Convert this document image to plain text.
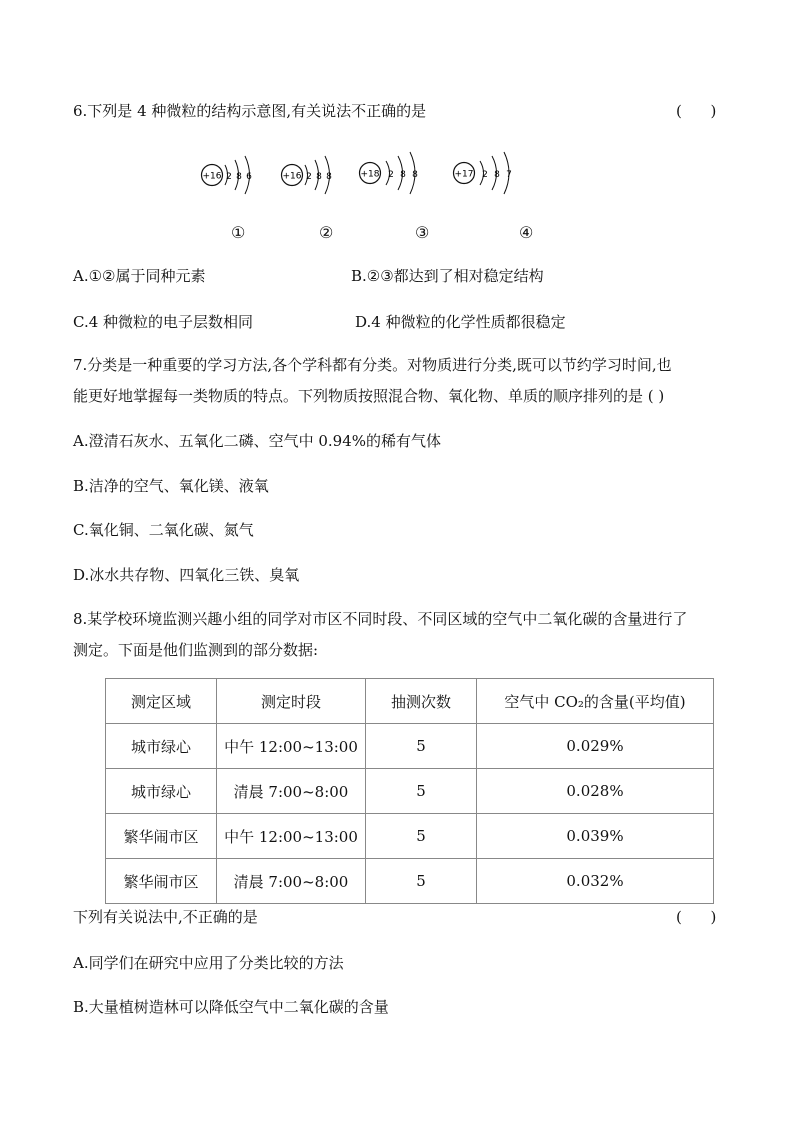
6.下列是 4 种微粒的结构示意图,有关说法不正确的是	(      )
+16 2 8 6	+16 2 8 8	+18 2 8 8	+17 2 8 7
①	②	③	④
A.①②属于同种元素	B.②③都达到了相对稳定结构
C.4 种微粒的电子层数相同	D.4 种微粒的化学性质都很稳定
7.分类是一种重要的学习方法,各个学科都有分类。对物质进行分类,既可以节约学习时间,也
能更好地掌握每一类物质的特点。下列物质按照混合物、氧化物、单质的顺序排列的是 ( )
A.澄清石灰水、五氧化二磷、空气中 0.94%的稀有气体
B.洁净的空气、氧化镁、液氧
C.氧化铜、二氧化碳、氮气
D.冰水共存物、四氧化三铁、臭氧
8.某学校环境监测兴趣小组的同学对市区不同时段、不同区域的空气中二氧化碳的含量进行了
测定。下面是他们监测到的部分数据:
测定区域	测定时段	抽测次数	空气中 CO₂的含量(平均值)
城市绿心	中午 12:00~13:00	5	0.029%
城市绿心	清晨 7:00~8:00	5	0.028%
繁华闹市区	中午 12:00~13:00	5	0.039%
繁华闹市区	清晨 7:00~8:00	5	0.032%
下列有关说法中,不正确的是	(      )
A.同学们在研究中应用了分类比较的方法
B.大量植树造林可以降低空气中二氧化碳的含量
